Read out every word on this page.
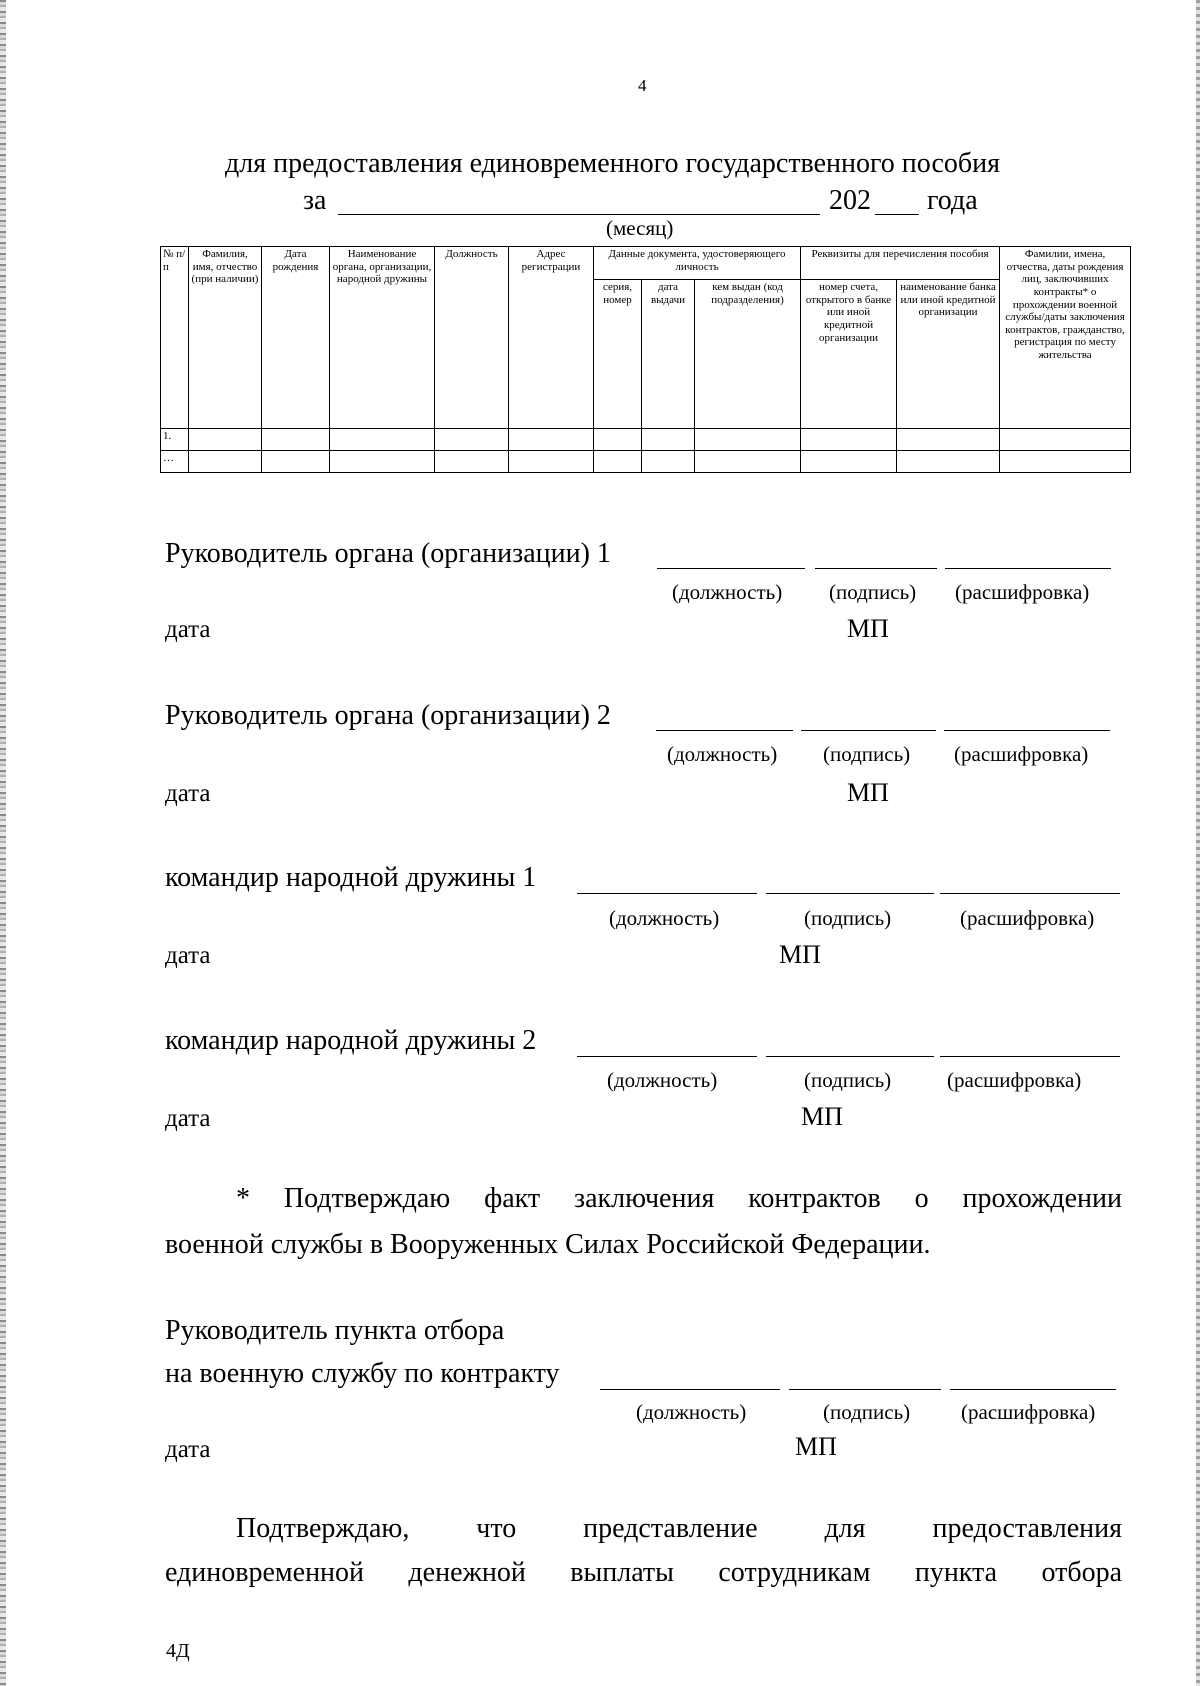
4
для предоставления единовременного государственного пособия
за	202 года
(месяц)
№ п/п	Фамилия, имя, отчество (при наличии)	Дата рождения	Наименование органа, организации, народной дружины	Должность	Адрес регистрации	Данные документа, удостоверяющего личность			Реквизиты для перечисления пособия		Фамилии, имена, отчества, даты рождения лиц, заключивших контракты* о прохождении военной службы/даты заключения контрактов, гражданство, регистрация по месту жительства
						серия, номер	дата выдачи	кем выдан (код подразделения)	номер счета, открытого в банке или иной кредитной организации	наименование банка или иной кредитной организации	
1.											
…											
Руководитель органа (организации) 1
(должность) (подпись) (расшифровка)
дата	МП
Руководитель органа (организации) 2
(должность) (подпись) (расшифровка)
дата	МП
командир народной дружины 1
(должность)	(подпись)	(расшифровка)
дата	МП
командир народной дружины 2
(должность)	(подпись)	(расшифровка)
дата	МП
* Подтверждаю факт заключения контрактов о прохождении
военной службы в Вооруженных Силах Российской Федерации.
Руководитель пункта отбора
на военную службу по контракту
(должность)	(подпись) (расшифровка)
дата	МП
Подтверждаю, что представление для предоставления
единовременной денежной выплаты сотрудникам пункта отбора
4Д
